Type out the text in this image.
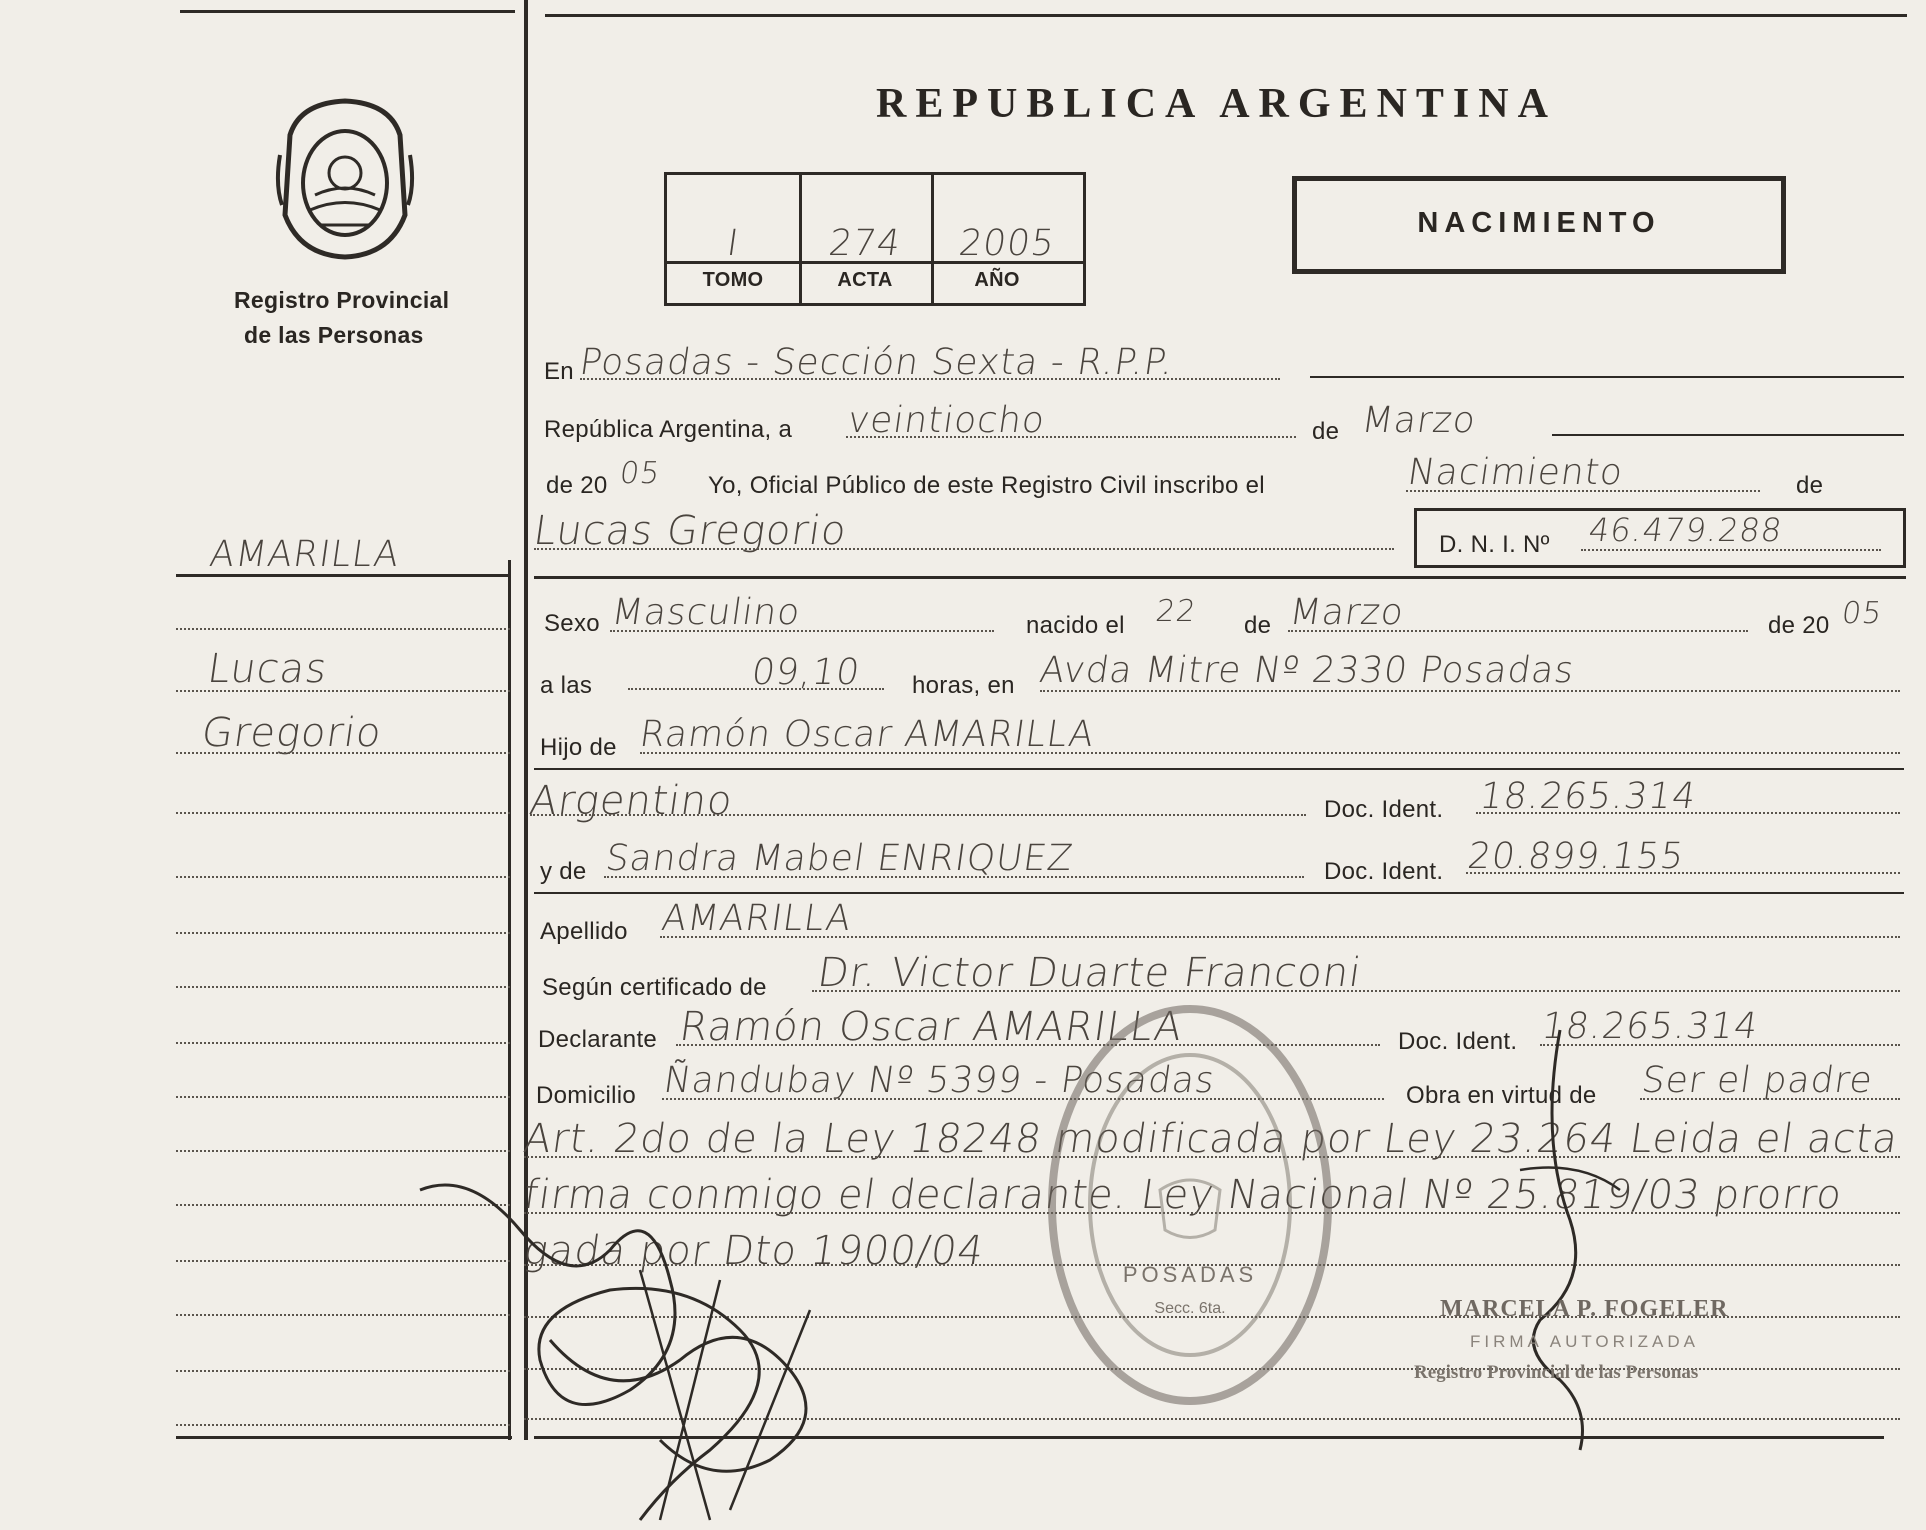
Registro Provincial
de las Personas
REPUBLICA ARGENTINA
I	274	2005
TOMO	ACTA	AÑO
NACIMIENTO
AMARILLA
Lucas
Gregorio
En Posadas - Sección Sexta - R.P.P.
República Argentina, a veintiocho	de Marzo
de 20 05 Yo, Oficial Público de este Registro Civil inscribo el	Nacimiento	de
Lucas Gregorio	D. N. I. Nº 46.479.288
Sexo Masculino	nacido el 22 de Marzo	de 20 05
a las	09,10 horas, en Avda Mitre Nº 2330 Posadas
Hijo de Ramón Oscar AMARILLA
Argentino	Doc. Ident. 18.265.314
y de Sandra Mabel ENRIQUEZ	Doc. Ident. 20.899.155
Apellido AMARILLA
Según certificado de Dr. Victor Duarte Franconi
Declarante Ramón Oscar AMARILLA	Doc. Ident. 18.265.314
Domicilio Ñandubay Nº 5399 - Posadas	Obra en virtud de Ser el padre
Art. 2do de la Ley 18248 modificada por Ley 23.264 Leida el acta
firma conmigo el declarante. Ley Nacional Nº 25.819/03 prorro
gada por Dto 1900/04
POSADAS
Secc. 6ta.	MARCELA P. FOGELER
FIRMA AUTORIZADA
Registro Provincial de las Personas
